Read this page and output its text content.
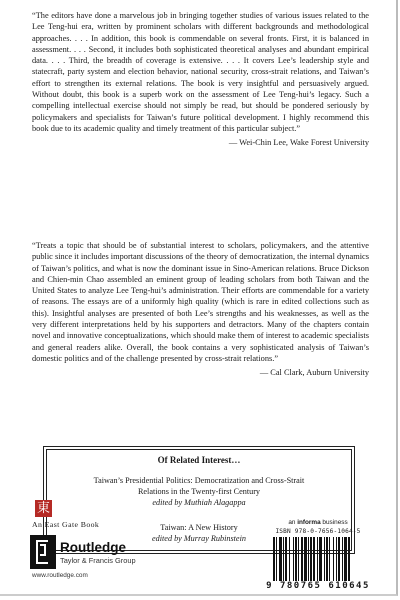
“The editors have done a marvelous job in bringing together studies of various issues related to the Lee Teng-hui era, written by prominent scholars with different backgrounds and methodological approaches. . . . In addition, this book is commendable on several fronts. First, it is balanced in assessment. . . . Second, it includes both sophisticated theoretical analyses and abundant empirical data. . . . Third, the breadth of coverage is extensive. . . . It covers Lee’s leadership style and statecraft, party system and election behavior, national security, cross-strait relations, and Taiwan’s effort to strengthen its external relations. The book is very insightful and persuasively argued. Without doubt, this book is a superb work on the assessment of Lee Teng-hui’s legacy. Such a compelling intellectual exercise should not simply be read, but should be pondered seriously by policymakers and specialists for Taiwan’s future political development. I highly recommend this book due to its academic quality and timely treatment of this particular subject.”
— Wei-Chin Lee, Wake Forest University
“Treats a topic that should be of substantial interest to scholars, policymakers, and the attentive public since it includes important discussions of the theory of democratization, the internal dynamics of Taiwan’s politics, and what is now the dominant issue in Sino-American relations. Bruce Dickson and Chien-min Chao assembled an eminent group of leading scholars from both Taiwan and the United States to analyze Lee Teng-hui’s administration. Their efforts are commendable for a variety of reasons. The essays are of a uniformly high quality (which is rare in edited collections such as this). Insightful analyses are presented of both Lee’s strengths and his weaknesses, as well as the very different interpretations held by his supporters and detractors. Many of the chapters contain novel and innovative conceptualizations, which should make them of interest to academic specialists and general readers alike. Overall, the book contains a very sophisticated analysis of Taiwan’s domestic politics and of the challenge presented by cross-strait relations.”
— Cal Clark, Auburn University
Of Related Interest…
Taiwan’s Presidential Politics: Democratization and Cross-Strait
Relations in the Twenty-first Century
edited by Muthiah Alagappa
Taiwan: A New History
edited by Murray Rubinstein
東
An East Gate Book
Routledge
Taylor & Francis Group
www.routledge.com
an informa business
ISBN 978-0-7656-1064-5
9 780765 610645
